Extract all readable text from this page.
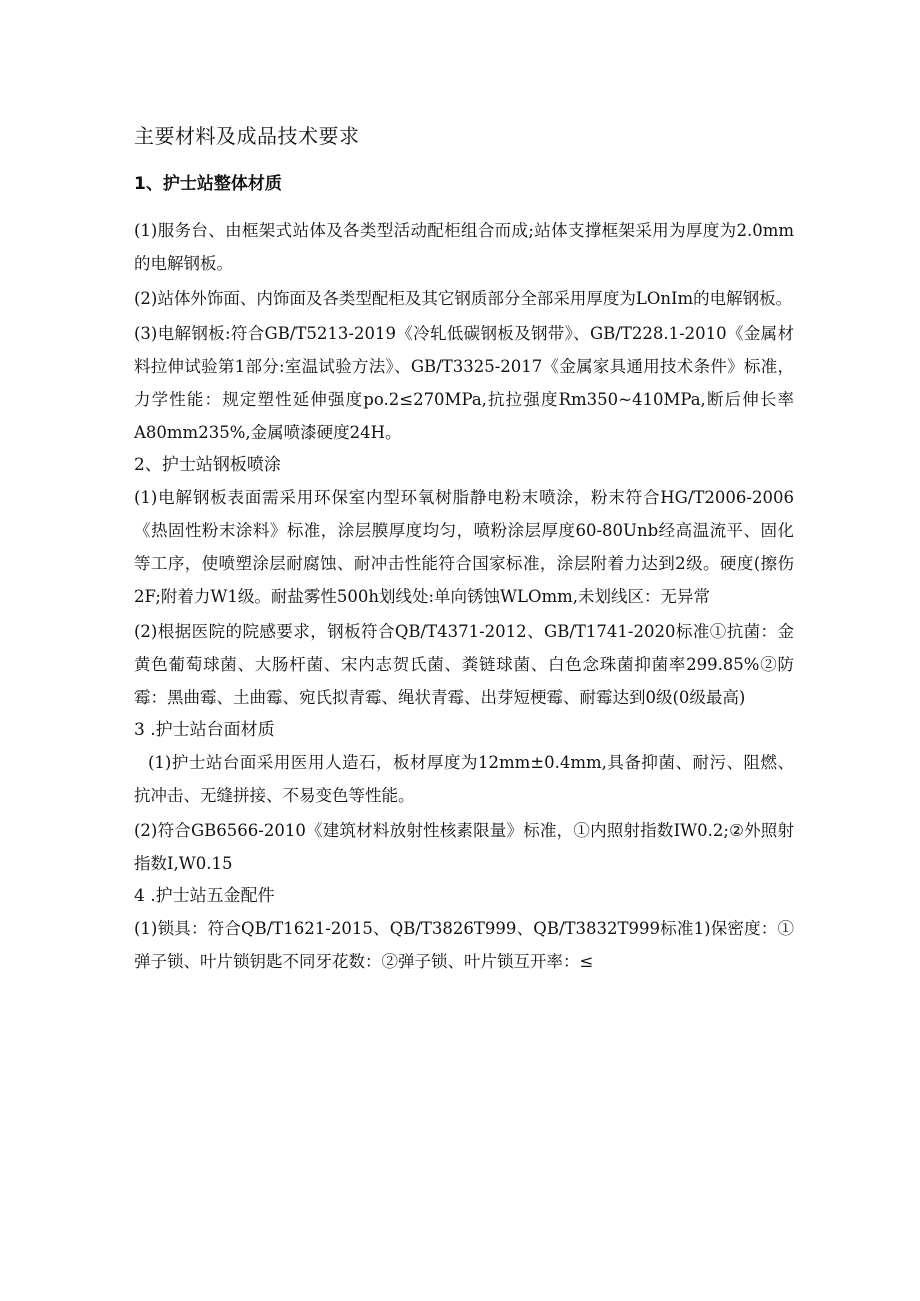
主要材料及成品技术要求
1、护士站整体材质

(1)服务台、由框架式站体及各类型活动配柜组合而成;站体支撑框架采用为厚度为2.0mm的电解钢板。

(2)站体外饰面、内饰面及各类型配柜及其它钢质部分全部采用厚度为LOnIm的电解钢板。

(3)电解钢板:符合GB/T5213-2019《冷轧低碳钢板及钢带》、GB/T228.1-2010《金属材料拉伸试验第1部分:室温试验方法》、GB/T3325-2017《金属家具通用技术条件》标准，力学性能：规定塑性延伸强度po.2≤270MPa,抗拉强度Rm350~410MPa,断后伸长率A80mm235%,金属喷漆硬度24H。

2、护士站钢板喷涂

(1)电解钢板表面需采用环保室内型环氧树脂静电粉末喷涂，粉末符合HG/T2006-2006《热固性粉末涂料》标准，涂层膜厚度均匀，喷粉涂层厚度60-80Unb经高温流平、固化等工序，使喷塑涂层耐腐蚀、耐冲击性能符合国家标准，涂层附着力达到2级。硬度(擦伤2F;附着力W1级。耐盐雾性500h划线处:单向锈蚀WLOmm,未划线区：无异常

(2)根据医院的院感要求，钢板符合QB/T4371-2012、GB/T1741-2020标准①抗菌：金黄色葡萄球菌、大肠杆菌、宋内志贺氏菌、粪链球菌、白色念珠菌抑菌率299.85%②防霉：黑曲霉、土曲霉、宛氏拟青霉、绳状青霉、出芽短梗霉、耐霉达到0级(0级最高)

3 .护士站台面材质

(1)护士站台面采用医用人造石，板材厚度为12mm±0.4mm,具备抑菌、耐污、阻燃、抗冲击、无缝拼接、不易变色等性能。

(2)符合GB6566-2010《建筑材料放射性核素限量》标准，①内照射指数IW0.2;②外照射指数I,W0.15

4 .护士站五金配件

(1)锁具：符合QB/T1621-2015、QB/T3826T999、QB/T3832T999标准1)保密度：①弹子锁、叶片锁钥匙不同牙花数：②弹子锁、叶片锁互开率：≤
